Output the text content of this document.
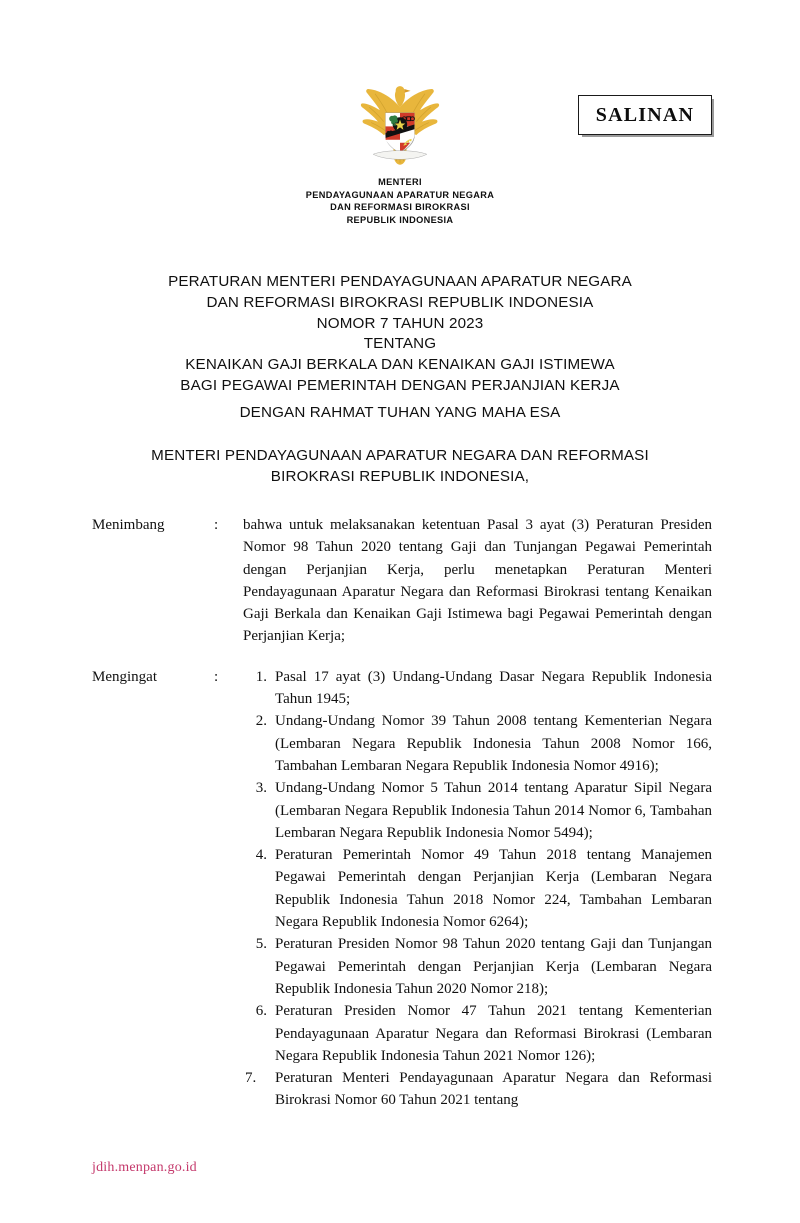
SALINAN
MENTERI
PENDAYAGUNAAN APARATUR NEGARA
DAN REFORMASI BIROKRASI
REPUBLIK INDONESIA
PERATURAN MENTERI PENDAYAGUNAAN APARATUR NEGARA
DAN REFORMASI BIROKRASI REPUBLIK INDONESIA
NOMOR 7 TAHUN 2023
TENTANG
KENAIKAN GAJI BERKALA DAN KENAIKAN GAJI ISTIMEWA
BAGI PEGAWAI PEMERINTAH DENGAN PERJANJIAN KERJA
DENGAN RAHMAT TUHAN YANG MAHA ESA
MENTERI PENDAYAGUNAAN APARATUR NEGARA DAN REFORMASI
BIROKRASI REPUBLIK INDONESIA,
Menimbang	:	bahwa untuk melaksanakan ketentuan Pasal 3 ayat (3) Peraturan Presiden Nomor 98 Tahun 2020 tentang Gaji dan Tunjangan Pegawai Pemerintah dengan Perjanjian Kerja, perlu menetapkan Peraturan Menteri Pendayagunaan Aparatur Negara dan Reformasi Birokrasi tentang Kenaikan Gaji Berkala dan Kenaikan Gaji Istimewa bagi Pegawai Pemerintah dengan Perjanjian Kerja;

Mengingat	:	Pasal 17 ayat (3) Undang-Undang Dasar Negara Republik Indonesia Tahun 1945;
Undang-Undang Nomor 39 Tahun 2008 tentang Kementerian Negara (Lembaran Negara Republik Indonesia Tahun 2008 Nomor 166, Tambahan Lembaran Negara Republik Indonesia Nomor 4916);
Undang-Undang Nomor 5 Tahun 2014 tentang Aparatur Sipil Negara (Lembaran Negara Republik Indonesia Tahun 2014 Nomor 6, Tambahan Lembaran Negara Republik Indonesia Nomor 5494);
Peraturan Pemerintah Nomor 49 Tahun 2018 tentang Manajemen Pegawai Pemerintah dengan Perjanjian Kerja (Lembaran Negara Republik Indonesia Tahun 2018 Nomor 224, Tambahan Lembaran Negara Republik Indonesia Nomor 6264);
Peraturan Presiden Nomor 98 Tahun 2020 tentang Gaji dan Tunjangan Pegawai Pemerintah dengan Perjanjian Kerja (Lembaran Negara Republik Indonesia Tahun 2020 Nomor 218);
Peraturan Presiden Nomor 47 Tahun 2021 tentang Kementerian Pendayagunaan Aparatur Negara dan Reformasi Birokrasi (Lembaran Negara Republik Indonesia Tahun 2021 Nomor 126);
Peraturan Menteri Pendayagunaan Aparatur Negara dan Reformasi Birokrasi Nomor 60 Tahun 2021 tentang
jdih.menpan.go.id
